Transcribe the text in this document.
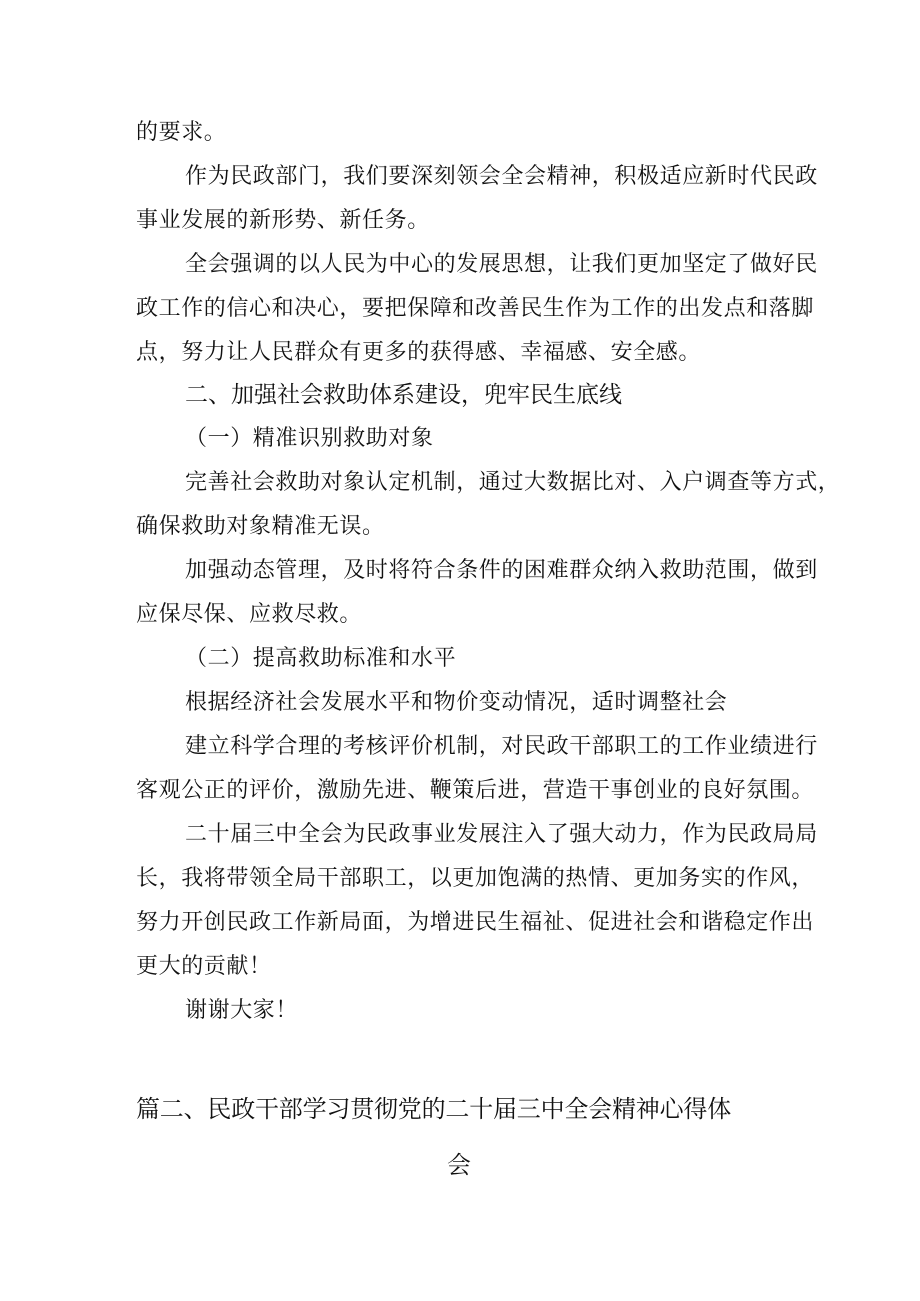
的要求。
作为民政部门，我们要深刻领会全会精神，积极适应新时代民政
事业发展的新形势、新任务。
全会强调的以人民为中心的发展思想，让我们更加坚定了做好民
政工作的信心和决心，要把保障和改善民生作为工作的出发点和落脚
点，努力让人民群众有更多的获得感、幸福感、安全感。
二、加强社会救助体系建设，兜牢民生底线
（一）精准识别救助对象
完善社会救助对象认定机制，通过大数据比对、入户调查等方式，
确保救助对象精准无误。
加强动态管理，及时将符合条件的困难群众纳入救助范围，做到
应保尽保、应救尽救。
（二）提高救助标准和水平
根据经济社会发展水平和物价变动情况，适时调整社会
建立科学合理的考核评价机制，对民政干部职工的工作业绩进行
客观公正的评价，激励先进、鞭策后进，营造干事创业的良好氛围。
二十届三中全会为民政事业发展注入了强大动力，作为民政局局
长，我将带领全局干部职工，以更加饱满的热情、更加务实的作风，
努力开创民政工作新局面，为增进民生福祉、促进社会和谐稳定作出
更大的贡献！
谢谢大家！
篇二、民政干部学习贯彻党的二十届三中全会精神心得体
会
